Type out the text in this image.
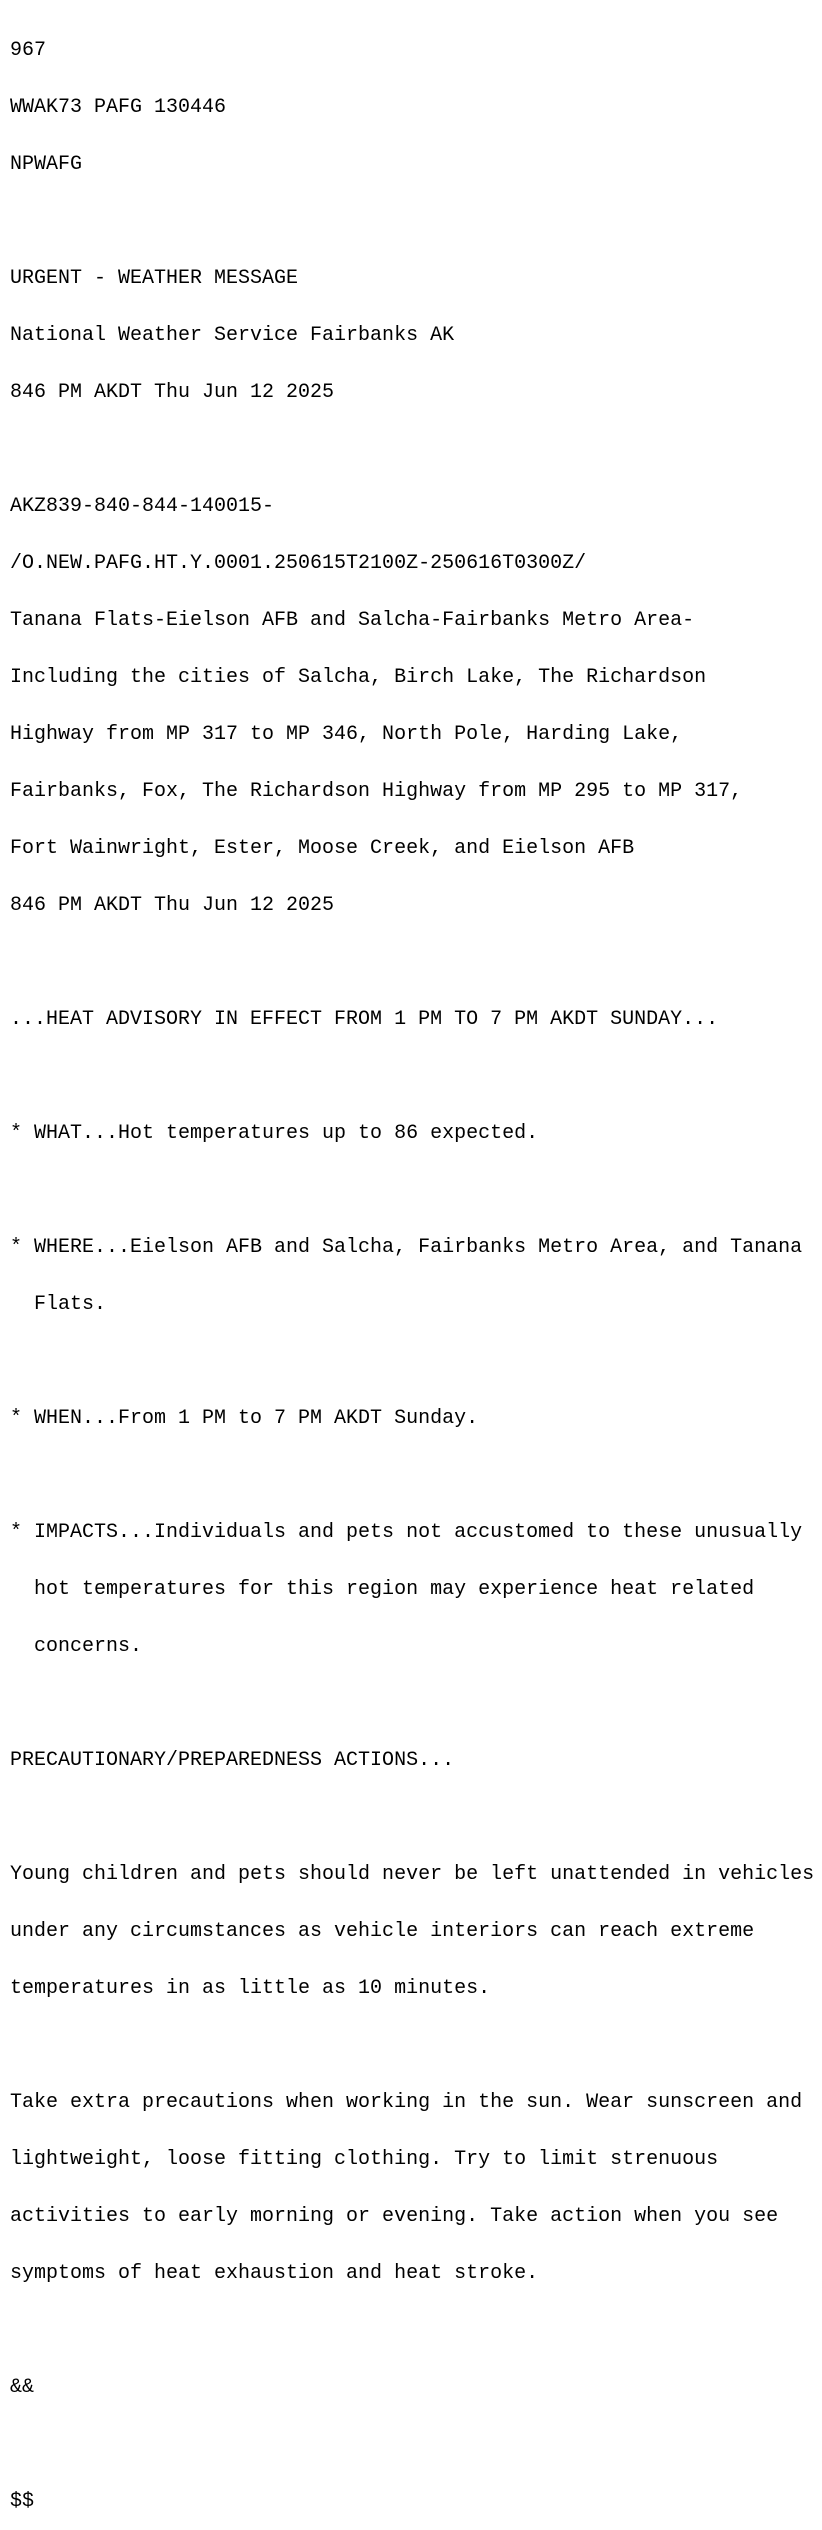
967

WWAK73 PAFG 130446

NPWAFG

URGENT - WEATHER MESSAGE

National Weather Service Fairbanks AK

846 PM AKDT Thu Jun 12 2025

AKZ839-840-844-140015-

/O.NEW.PAFG.HT.Y.0001.250615T2100Z-250616T0300Z/

Tanana Flats-Eielson AFB and Salcha-Fairbanks Metro Area-

Including the cities of Salcha, Birch Lake, The Richardson

Highway from MP 317 to MP 346, North Pole, Harding Lake,

Fairbanks, Fox, The Richardson Highway from MP 295 to MP 317,

Fort Wainwright, Ester, Moose Creek, and Eielson AFB

846 PM AKDT Thu Jun 12 2025

...HEAT ADVISORY IN EFFECT FROM 1 PM TO 7 PM AKDT SUNDAY...

* WHAT...Hot temperatures up to 86 expected.

* WHERE...Eielson AFB and Salcha, Fairbanks Metro Area, and Tanana

Flats.

* WHEN...From 1 PM to 7 PM AKDT Sunday.

* IMPACTS...Individuals and pets not accustomed to these unusually

hot temperatures for this region may experience heat related

concerns.

PRECAUTIONARY/PREPAREDNESS ACTIONS...

Young children and pets should never be left unattended in vehicles

under any circumstances as vehicle interiors can reach extreme

temperatures in as little as 10 minutes.

Take extra precautions when working in the sun. Wear sunscreen and

lightweight, loose fitting clothing. Try to limit strenuous

activities to early morning or evening. Take action when you see

symptoms of heat exhaustion and heat stroke.

&&

$$
